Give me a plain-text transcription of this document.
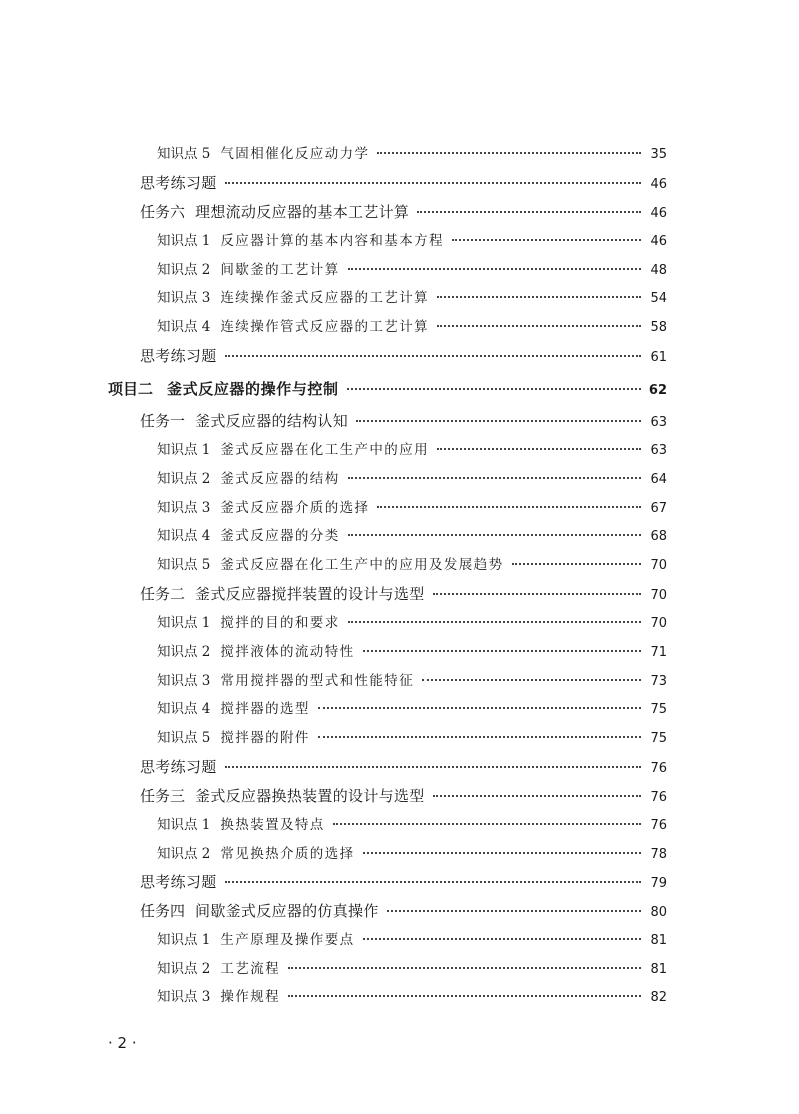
知识点 5 气固相催化反应动力学	35
思考练习题	46
任务六 理想流动反应器的基本工艺计算	46
知识点 1 反应器计算的基本内容和基本方程	46
知识点 2 间歇釜的工艺计算	48
知识点 3 连续操作釜式反应器的工艺计算	54
知识点 4 连续操作管式反应器的工艺计算	58
思考练习题	61
项目二 釜式反应器的操作与控制	62
任务一 釜式反应器的结构认知	63
知识点 1 釜式反应器在化工生产中的应用	63
知识点 2 釜式反应器的结构	64
知识点 3 釜式反应器介质的选择	67
知识点 4 釜式反应器的分类	68
知识点 5 釜式反应器在化工生产中的应用及发展趋势	70
任务二 釜式反应器搅拌装置的设计与选型	70
知识点 1 搅拌的目的和要求	70
知识点 2 搅拌液体的流动特性	71
知识点 3 常用搅拌器的型式和性能特征	73
知识点 4 搅拌器的选型	75
知识点 5 搅拌器的附件	75
思考练习题	76
任务三 釜式反应器换热装置的设计与选型	76
知识点 1 换热装置及特点	76
知识点 2 常见换热介质的选择	78
思考练习题	79
任务四 间歇釜式反应器的仿真操作	80
知识点 1 生产原理及操作要点	81
知识点 2 工艺流程	81
知识点 3 操作规程	82
· 2 ·
